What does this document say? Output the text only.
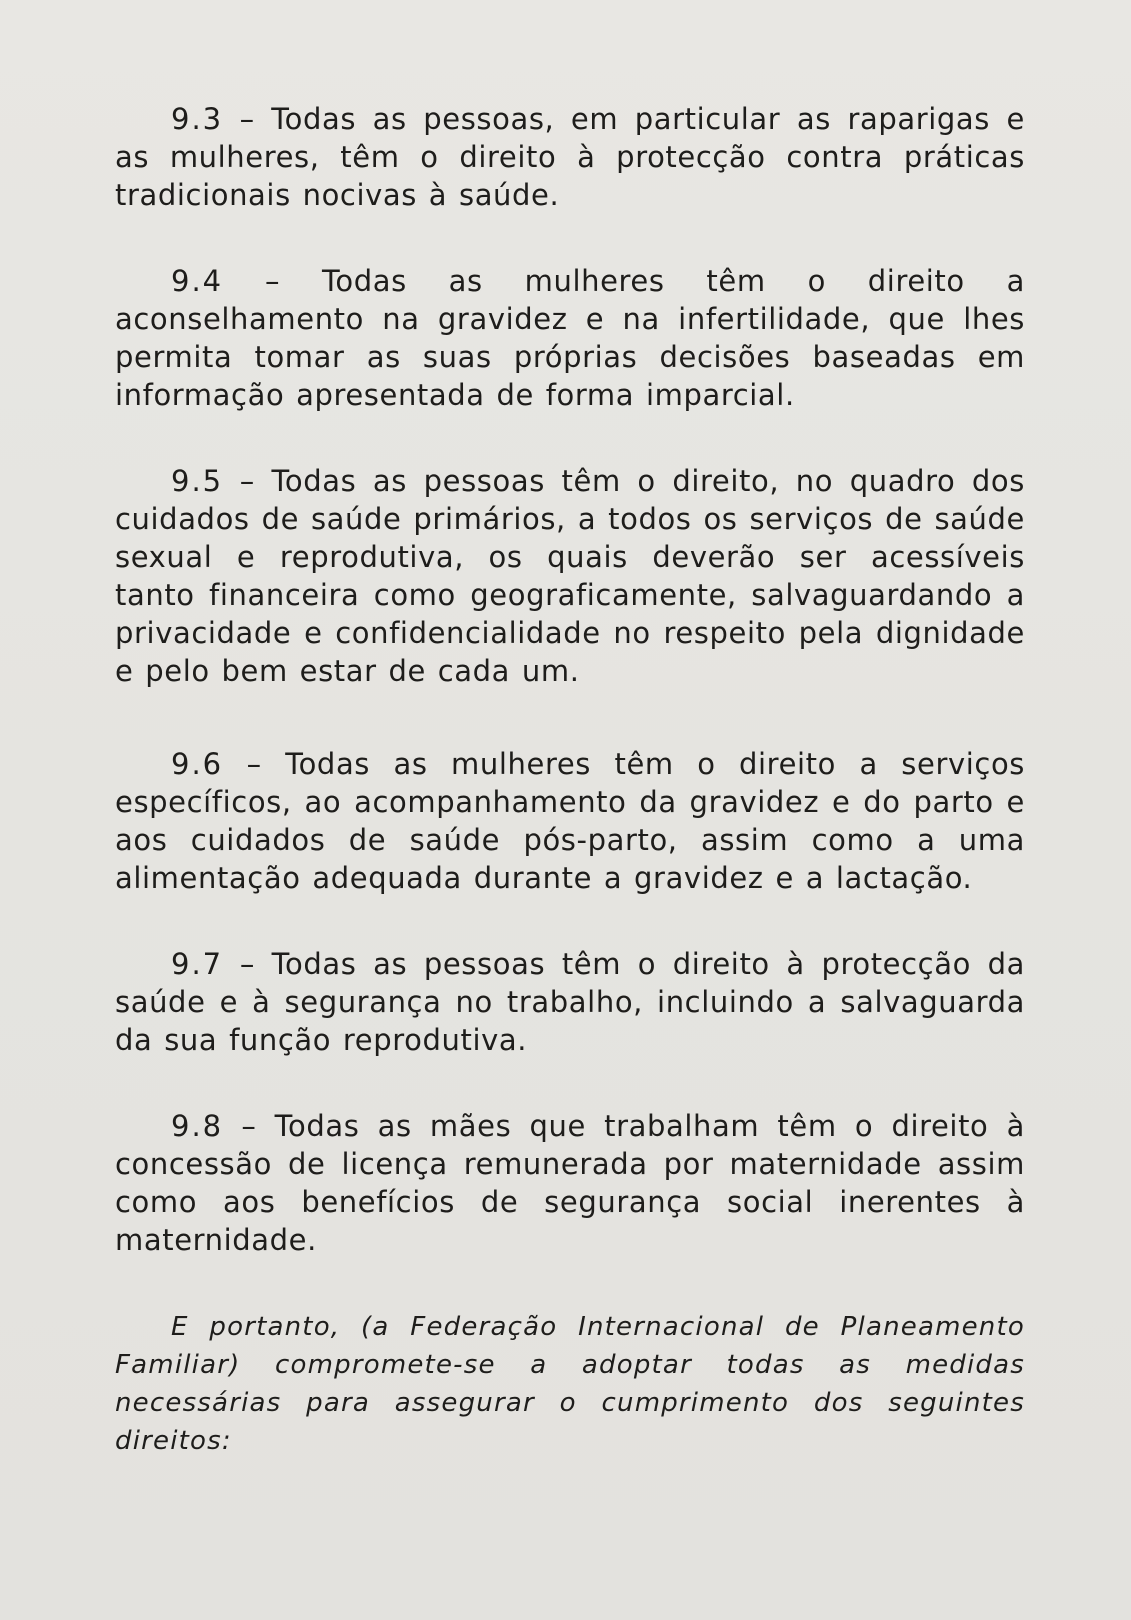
9.3 – Todas as pessoas, em particular as raparigas e as mulheres, têm o direito à protecção contra práticas tradicionais nocivas à saúde.

9.4 – Todas as mulheres têm o direito a aconselhamento na gravidez e na infertilidade, que lhes permita tomar as suas próprias decisões baseadas em informação apresentada de forma imparcial.

9.5 – Todas as pessoas têm o direito, no quadro dos cuidados de saúde primários, a todos os serviços de saúde sexual e reprodutiva, os quais deverão ser acessíveis tanto financeira como geograficamente, salvaguardando a privacidade e confidencialidade no respeito pela dignidade e pelo bem estar de cada um.

9.6 – Todas as mulheres têm o direito a serviços específicos, ao acompanhamento da gravidez e do parto e aos cuidados de saúde pós-parto, assim como a uma alimentação adequada durante a gravidez e a lactação.

9.7 – Todas as pessoas têm o direito à protecção da saúde e à segurança no trabalho, incluindo a salvaguarda da sua função reprodutiva.

9.8 – Todas as mães que trabalham têm o direito à concessão de licença remunerada por maternidade assim como aos benefícios de segurança social inerentes à maternidade.

E portanto, (a Federação Internacional de Planeamento Familiar) compromete-se a adoptar todas as medidas necessárias para assegurar o cumprimento dos seguintes direitos:
